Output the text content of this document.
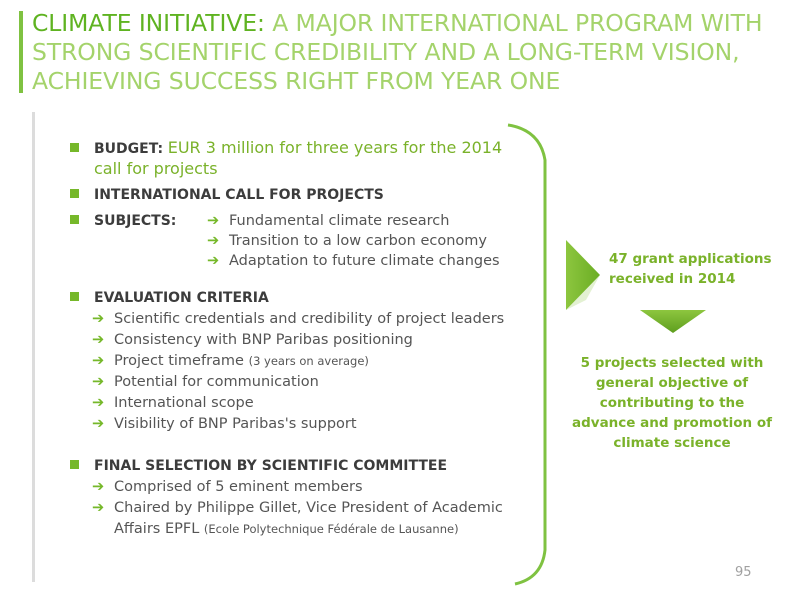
CLIMATE INITIATIVE: A MAJOR INTERNATIONAL PROGRAM WITH STRONG SCIENTIFIC CREDIBILITY AND A LONG-TERM VISION, ACHIEVING SUCCESS RIGHT FROM YEAR ONE
BUDGET: EUR 3 million for three years for the 2014
call for projects
INTERNATIONAL CALL FOR PROJECTS
SUBJECTS:	➔ Fundamental climate research
➔ Transition to a low carbon economy
➔ Adaptation to future climate changes
EVALUATION CRITERIA
➔ Scientific credentials and credibility of project leaders
➔ Consistency with BNP Paribas positioning
➔ Project timeframe (3 years on average)
➔ Potential for communication
➔ International scope
➔ Visibility of BNP Paribas's support
FINAL SELECTION BY SCIENTIFIC COMMITTEE
➔ Comprised of 5 eminent members
➔ Chaired by Philippe Gillet, Vice President of Academic
Affairs EPFL (Ecole Polytechnique Fédérale de Lausanne)
47 grant applications
received in 2014
5 projects selected with
general objective of
contributing to the
advance and promotion of
climate science
95
